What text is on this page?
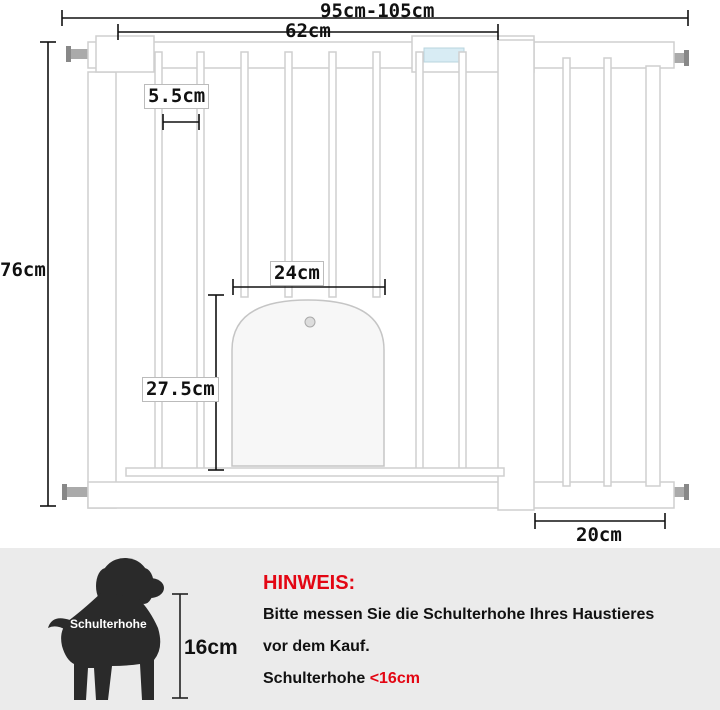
95cm-105cm
62cm
5.5cm
76cm	24cm
27.5cm
20cm
Schulterhohe
16cm
HINWEIS:
Bitte messen Sie die Schulterhohe Ihres Haustieres
vor dem Kauf.
Schulterhohe <16cm
